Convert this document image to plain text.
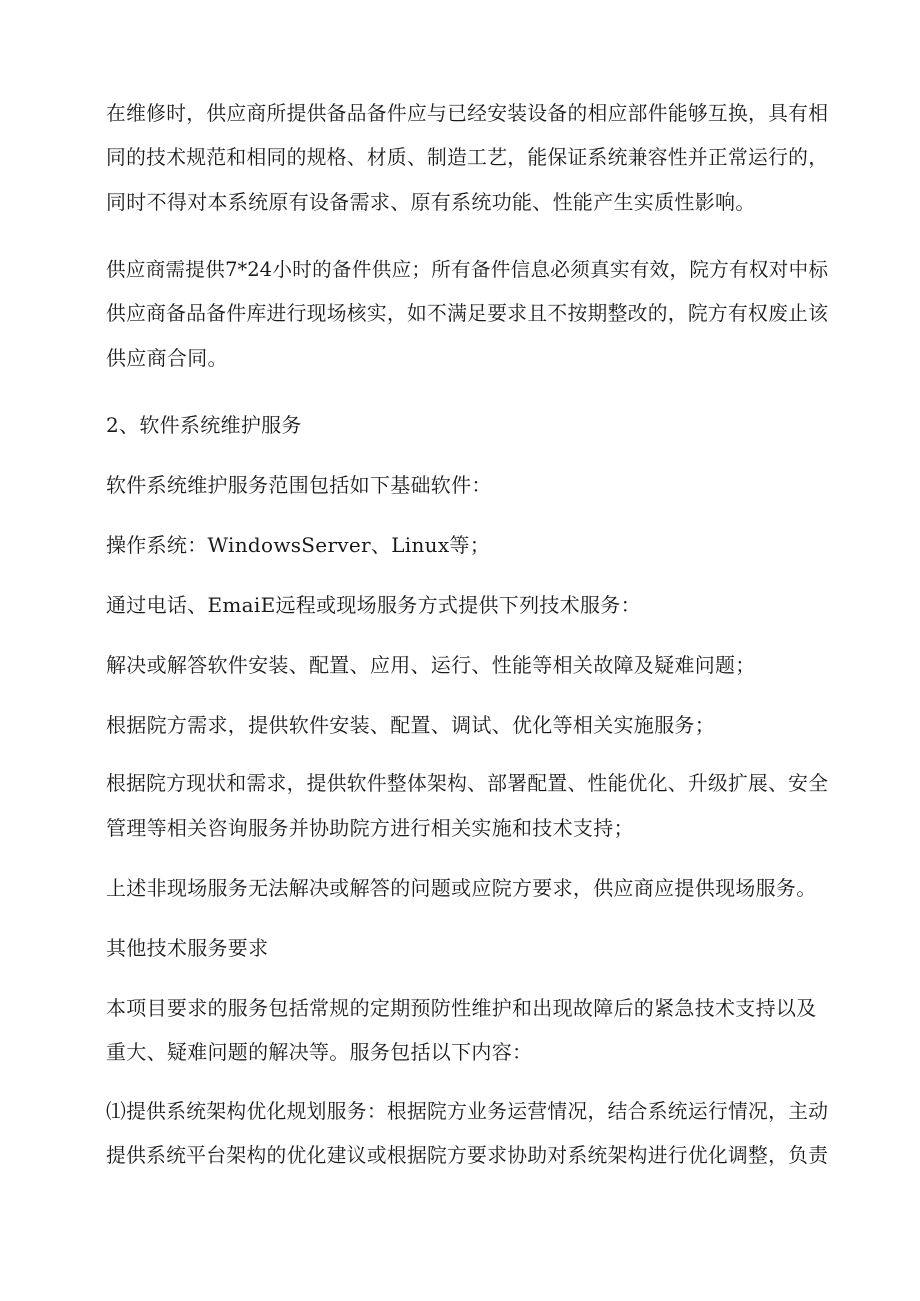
在维修时，供应商所提供备品备件应与已经安装设备的相应部件能够互换，具有相
同的技术规范和相同的规格、材质、制造工艺，能保证系统兼容性并正常运行的，
同时不得对本系统原有设备需求、原有系统功能、性能产生实质性影响。
供应商需提供7*24小时的备件供应；所有备件信息必须真实有效，院方有权对中标
供应商备品备件库进行现场核实，如不满足要求且不按期整改的，院方有权废止该
供应商合同。
2、软件系统维护服务
软件系统维护服务范围包括如下基础软件：
操作系统：WindowsServer、Linux等；
通过电话、EmaiE远程或现场服务方式提供下列技术服务：
解决或解答软件安装、配置、应用、运行、性能等相关故障及疑难问题；
根据院方需求，提供软件安装、配置、调试、优化等相关实施服务；
根据院方现状和需求，提供软件整体架构、部署配置、性能优化、升级扩展、安全
管理等相关咨询服务并协助院方进行相关实施和技术支持；
上述非现场服务无法解决或解答的问题或应院方要求，供应商应提供现场服务。
其他技术服务要求
本项目要求的服务包括常规的定期预防性维护和出现故障后的紧急技术支持以及
重大、疑难问题的解决等。服务包括以下内容：
⑴提供系统架构优化规划服务：根据院方业务运营情况，结合系统运行情况，主动
提供系统平台架构的优化建议或根据院方要求协助对系统架构进行优化调整，负责
